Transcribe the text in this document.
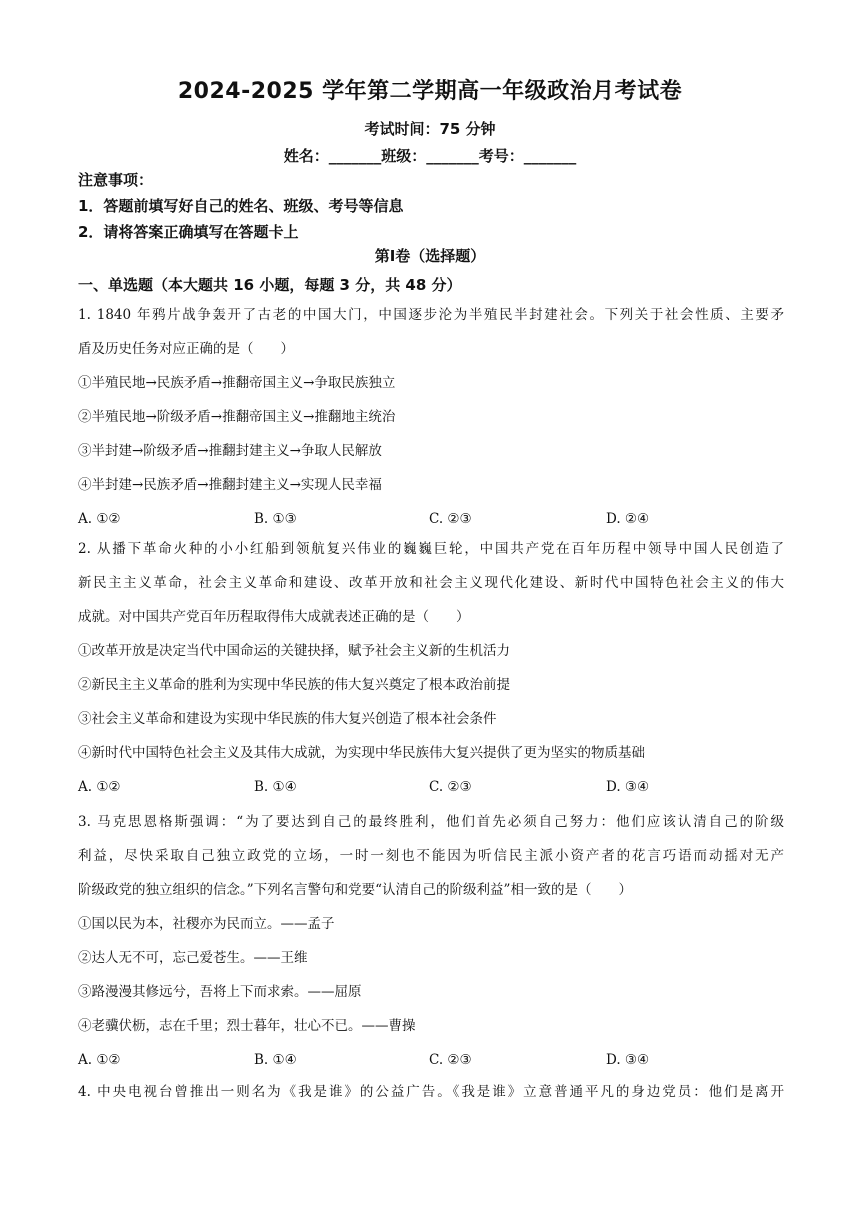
2024-2025 学年第二学期高一年级政治月考试卷
考试时间：75 分钟
姓名：_______班级：_______考号：_______
注意事项：
1．答题前填写好自己的姓名、班级、考号等信息
2．请将答案正确填写在答题卡上
第Ⅰ卷（选择题）
一、单选题（本大题共 16 小题，每题 3 分，共 48 分）
1. 1840 年鸦片战争轰开了古老的中国大门，中国逐步沦为半殖民半封建社会。下列关于社会性质、主要矛
盾及历史任务对应正确的是（　　）
①半殖民地→民族矛盾→推翻帝国主义→争取民族独立
②半殖民地→阶级矛盾→推翻帝国主义→推翻地主统治
③半封建→阶级矛盾→推翻封建主义→争取人民解放
④半封建→民族矛盾→推翻封建主义→实现人民幸福
A. ①②	B. ①③	C. ②③	D. ②④
2. 从播下革命火种的小小红船到领航复兴伟业的巍巍巨轮，中国共产党在百年历程中领导中国人民创造了
新民主主义革命，社会主义革命和建设、改革开放和社会主义现代化建设、新时代中国特色社会主义的伟大
成就。对中国共产党百年历程取得伟大成就表述正确的是（　　）
①改革开放是决定当代中国命运的关键抉择，赋予社会主义新的生机活力
②新民主主义革命的胜利为实现中华民族的伟大复兴奠定了根本政治前提
③社会主义革命和建设为实现中华民族的伟大复兴创造了根本社会条件
④新时代中国特色社会主义及其伟大成就，为实现中华民族伟大复兴提供了更为坚实的物质基础
A. ①②	B. ①④	C. ②③	D. ③④
3. 马克思恩格斯强调：“为了要达到自己的最终胜利，他们首先必须自己努力：他们应该认清自己的阶级
利益，尽快采取自己独立政党的立场，一时一刻也不能因为听信民主派小资产者的花言巧语而动摇对无产
阶级政党的独立组织的信念。”下列名言警句和党要“认清自己的阶级利益”相一致的是（　　）
①国以民为本，社稷亦为民而立。——孟子
②达人无不可，忘己爱苍生。——王维
③路漫漫其修远兮，吾将上下而求索。——屈原
④老骥伏枥，志在千里；烈士暮年，壮心不已。——曹操
A. ①②	B. ①④	C. ②③	D. ③④
4. 中央电视台曾推出一则名为《我是谁》的公益广告。《我是谁》立意普通平凡的身边党员：他们是离开
